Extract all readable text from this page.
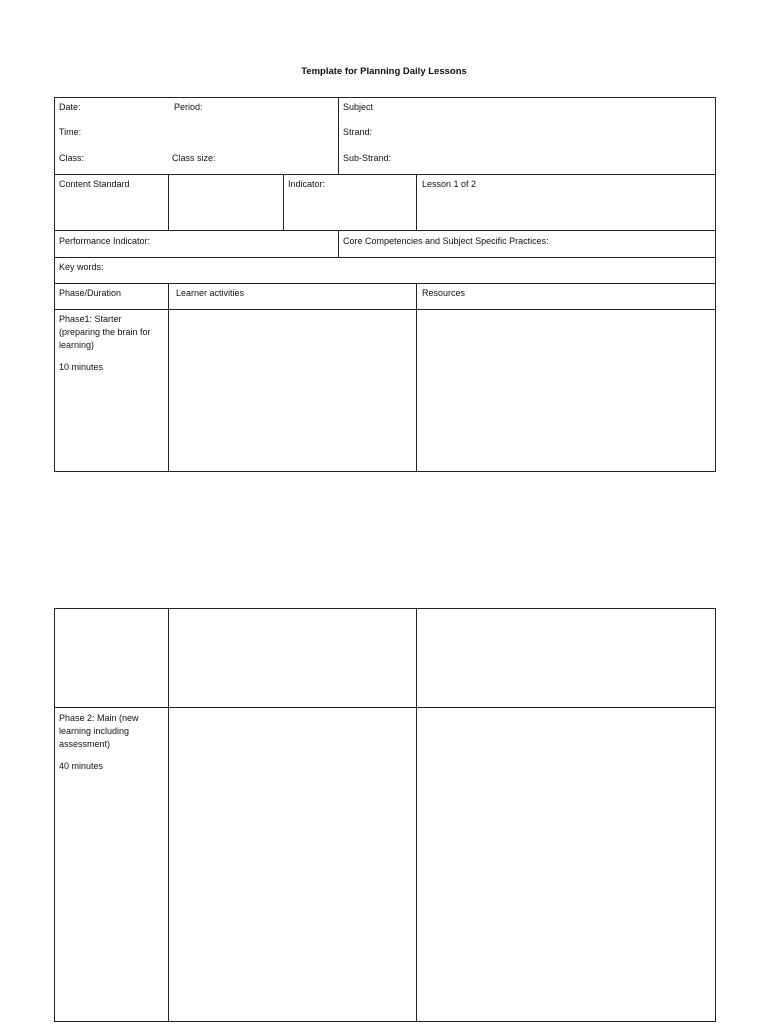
Template for Planning Daily Lessons
Date:	Period:
Time:
Class:	Class size:
Subject
Strand:
Sub-Strand:
Content Standard	Indicator:	Lesson 1 of 2
Performance Indicator:	Core Competencies and Subject Specific Practices:
Key words:
Phase/Duration	Learner activities	Resources
Phase1: Starter (preparing the brain for learning)
10 minutes
Phase 2: Main (new learning including assessment)
40 minutes
